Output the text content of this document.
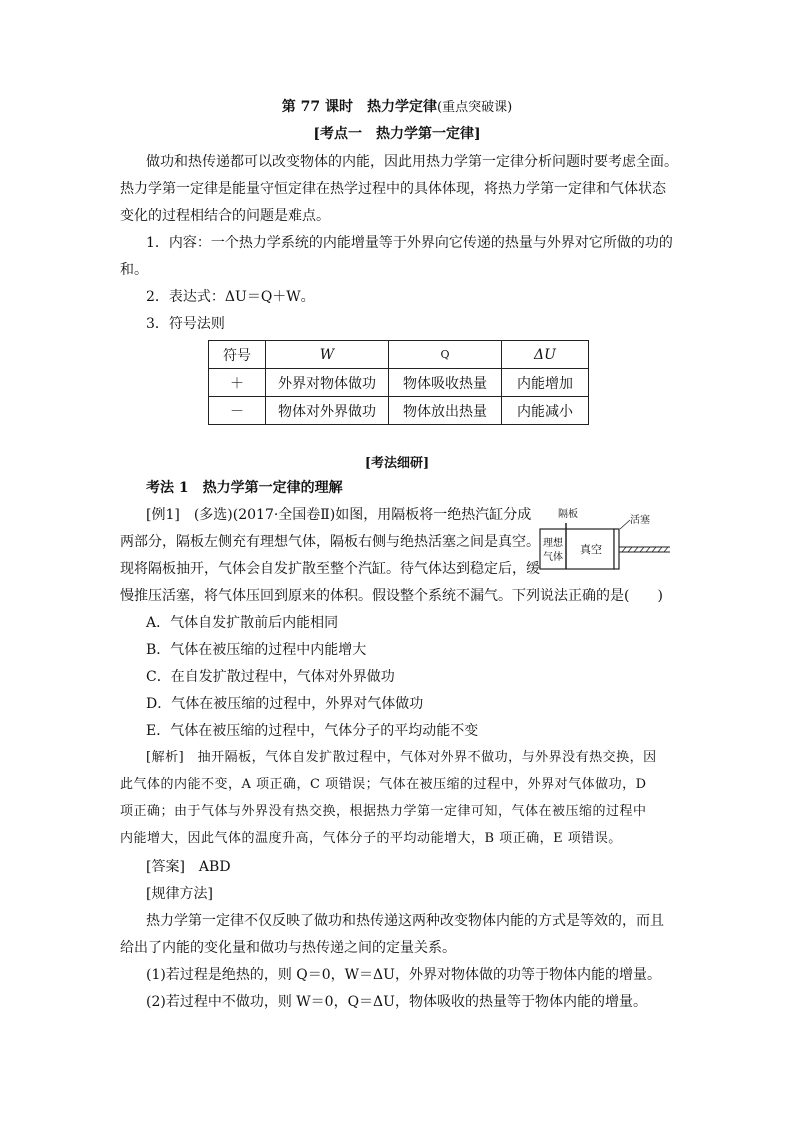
第 77 课时　热力学定律(重点突破课)
[考点一　热力学第一定律]
做功和热传递都可以改变物体的内能，因此用热力学第一定律分析问题时要考虑全面。
热力学第一定律是能量守恒定律在热学过程中的具体体现，将热力学第一定律和气体状态
变化的过程相结合的问题是难点。
1．内容：一个热力学系统的内能增量等于外界向它传递的热量与外界对它所做的功的
和。
2．表达式：ΔU＝Q＋W。
3．符号法则
符号	W	Q	ΔU
＋	外界对物体做功	物体吸收热量	内能增加
－	物体对外界做功	物体放出热量	内能减小
[考法细研]
考法 1　热力学第一定律的理解
[例1]　(多选)(2017·全国卷Ⅱ)如图，用隔板将一绝热汽缸分成
两部分，隔板左侧充有理想气体，隔板右侧与绝热活塞之间是真空。
现将隔板抽开，气体会自发扩散至整个汽缸。待气体达到稳定后，缓
慢推压活塞，将气体压回到原来的体积。假设整个系统不漏气。下列说法正确的是(　　)
隔板
活塞
理想
气体
真空
A．气体自发扩散前后内能相同
B．气体在被压缩的过程中内能增大
C．在自发扩散过程中，气体对外界做功
D．气体在被压缩的过程中，外界对气体做功
E．气体在被压缩的过程中，气体分子的平均动能不变
[解析]　抽开隔板，气体自发扩散过程中，气体对外界不做功，与外界没有热交换，因
此气体的内能不变，A 项正确，C 项错误；气体在被压缩的过程中，外界对气体做功，D
项正确；由于气体与外界没有热交换，根据热力学第一定律可知，气体在被压缩的过程中
内能增大，因此气体的温度升高，气体分子的平均动能增大，B 项正确，E 项错误。
[答案]　ABD
[规律方法]
热力学第一定律不仅反映了做功和热传递这两种改变物体内能的方式是等效的，而且
给出了内能的变化量和做功与热传递之间的定量关系。
(1)若过程是绝热的，则 Q＝0，W＝ΔU，外界对物体做的功等于物体内能的增量。
(2)若过程中不做功，则 W＝0，Q＝ΔU，物体吸收的热量等于物体内能的增量。
